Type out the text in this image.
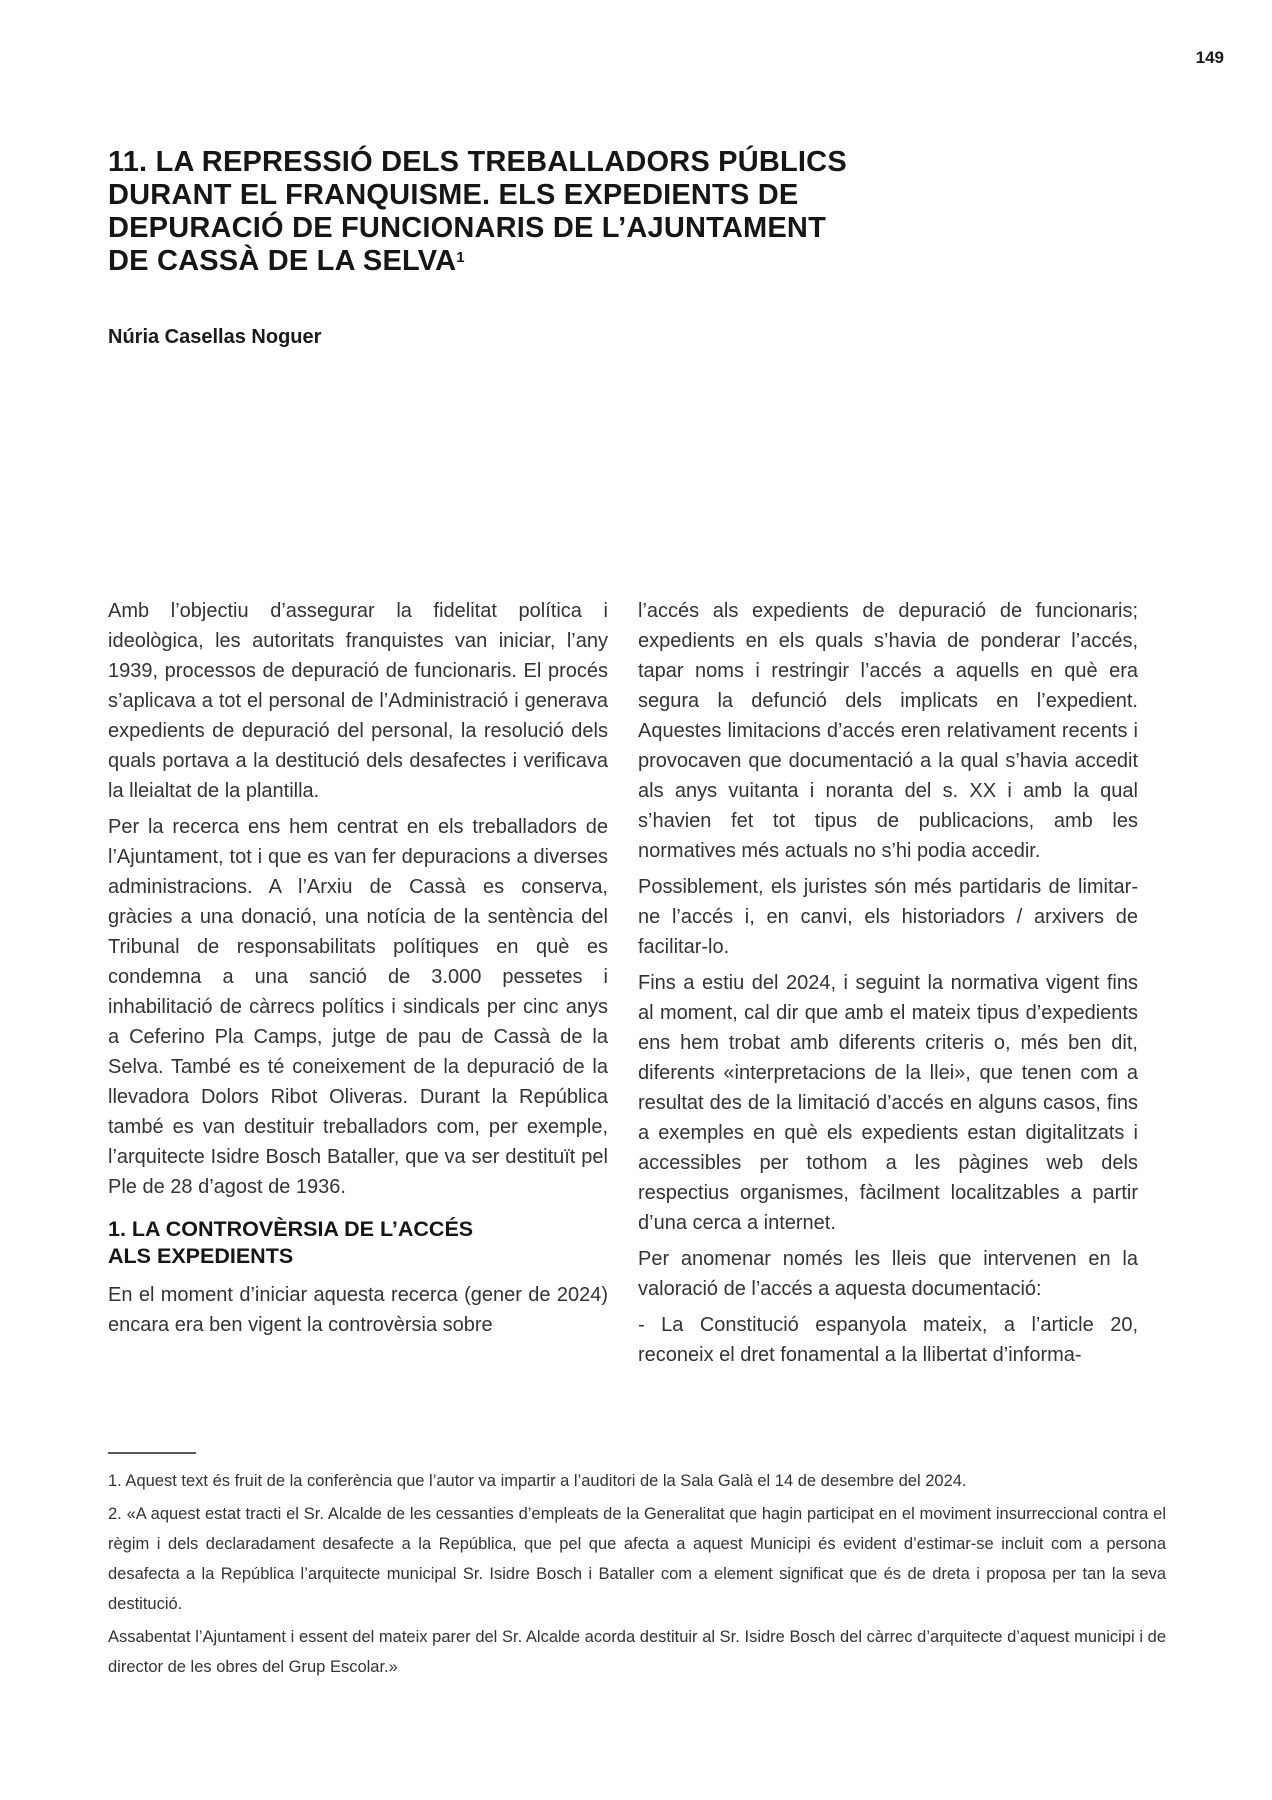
149
11. LA REPRESSIÓ DELS TREBALLADORS PÚBLICS
DURANT EL FRANQUISME. ELS EXPEDIENTS DE
DEPURACIÓ DE FUNCIONARIS DE L’AJUNTAMENT
DE CASSÀ DE LA SELVA$^1$
Núria Casellas Noguer

Amb l’objectiu d’assegurar la fidelitat política i ideològica, les autoritats franquistes van iniciar, l’any 1939, processos de depuració de funcionaris. El procés s’aplicava a tot el personal de l’Administració i generava expedients de depuració del personal, la resolució dels quals portava a la destitució dels desafectes i verificava la lleialtat de la plantilla.

Per la recerca ens hem centrat en els treballadors de l’Ajuntament, tot i que es van fer depuracions a diverses administracions. A l’Arxiu de Cassà es conserva, gràcies a una donació, una notícia de la sentència del Tribunal de responsabilitats polítiques en què es condemna a una sanció de 3.000 pessetes i inhabilitació de càrrecs polítics i sindicals per cinc anys a Ceferino Pla Camps, jutge de pau de Cassà de la Selva. També es té coneixement de la depuració de la llevadora Dolors Ribot Oliveras. Durant la República també es van destituir treballadors com, per exemple, l’arquitecte Isidre Bosch Bataller, que va ser destituït pel Ple de 28 d’agost de 1936.

1. LA CONTROVÈRSIA DE L’ACCÉS
ALS EXPEDIENTS

En el moment d’iniciar aquesta recerca (gener de 2024) encara era ben vigent la controvèrsia sobre

l’accés als expedients de depuració de funcionaris; expedients en els quals s’havia de ponderar l’accés, tapar noms i restringir l’accés a aquells en què era segura la defunció dels implicats en l’expedient. Aquestes limitacions d’accés eren relativament recents i provocaven que documentació a la qual s’havia accedit als anys vuitanta i noranta del s. XX i amb la qual s’havien fet tot tipus de publicacions, amb les normatives més actuals no s’hi podia accedir.

Possiblement, els juristes són més partidaris de limitar-ne l’accés i, en canvi, els historiadors / arxivers de facilitar-lo.

Fins a estiu del 2024, i seguint la normativa vigent fins al moment, cal dir que amb el mateix tipus d’expedients ens hem trobat amb diferents criteris o, més ben dit, diferents «interpretacions de la llei», que tenen com a resultat des de la limitació d’accés en alguns casos, fins a exemples en què els expedients estan digitalitzats i accessibles per tothom a les pàgines web dels respectius organismes, fàcilment localitzables a partir d’una cerca a internet.

Per anomenar només les lleis que intervenen en la valoració de l’accés a aquesta documentació:

- La Constitució espanyola mateix, a l’article 20, reconeix el dret fonamental a la llibertat d’informa-

1. Aquest text és fruit de la conferència que l’autor va impartir a l’auditori de la Sala Galà el 14 de desembre del 2024.

2. «A aquest estat tracti el Sr. Alcalde de les cessanties d’empleats de la Generalitat que hagin participat en el moviment insurreccional contra el règim i dels declaradament desafecte a la República, que pel que afecta a aquest Municipi és evident d’estimar-se incluit com a persona desafecta a la República l’arquitecte municipal Sr. Isidre Bosch i Bataller com a element significat que és de dreta i proposa per tan la seva destitució.

Assabentat l’Ajuntament i essent del mateix parer del Sr. Alcalde acorda destituir al Sr. Isidre Bosch del càrrec d’arquitecte d’aquest municipi i de director de les obres del Grup Escolar.»
